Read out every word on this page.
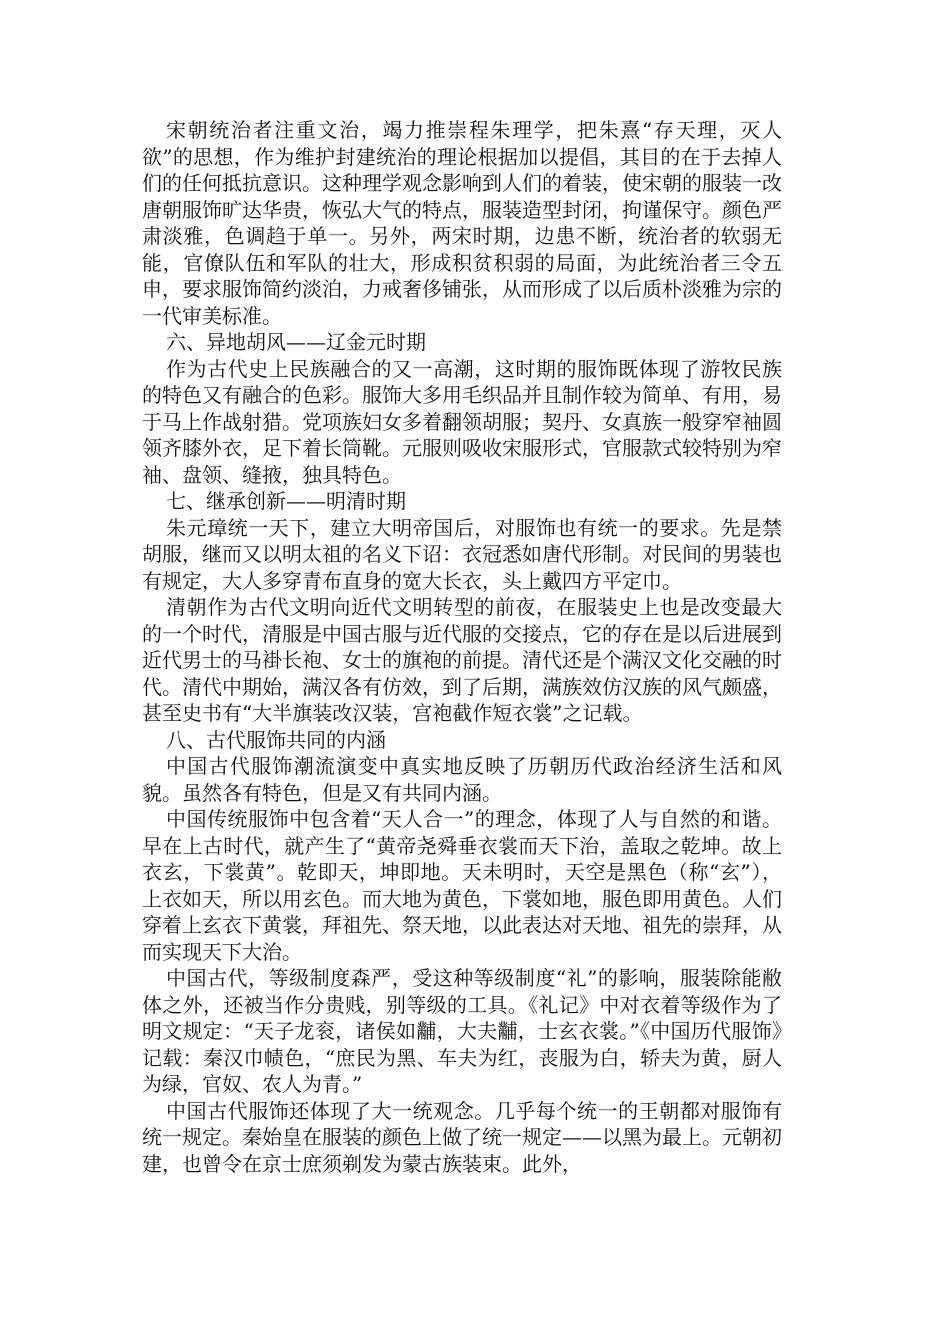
宋朝统治者注重文治，竭力推崇程朱理学，把朱熹“存天理，灭人欲”的思想，作为维护封建统治的理论根据加以提倡，其目的在于去掉人们的任何抵抗意识。这种理学观念影响到人们的着装，使宋朝的服装一改唐朝服饰旷达华贵，恢弘大气的特点，服装造型封闭，拘谨保守。颜色严肃淡雅，色调趋于单一。另外，两宋时期，边患不断，统治者的软弱无能，官僚队伍和军队的壮大，形成积贫积弱的局面，为此统治者三令五申，要求服饰简约淡泊，力戒奢侈铺张，从而形成了以后质朴淡雅为宗的一代审美标准。

六、异地胡风——辽金元时期

作为古代史上民族融合的又一高潮，这时期的服饰既体现了游牧民族的特色又有融合的色彩。服饰大多用毛织品并且制作较为简单、有用，易于马上作战射猎。党项族妇女多着翻领胡服；契丹、女真族一般穿窄袖圆领齐膝外衣，足下着长筒靴。元服则吸收宋服形式，官服款式较特别为窄袖、盘领、缝掖，独具特色。

七、继承创新——明清时期

朱元璋统一天下，建立大明帝国后，对服饰也有统一的要求。先是禁胡服，继而又以明太祖的名义下诏：衣冠悉如唐代形制。对民间的男装也有规定，大人多穿青布直身的宽大长衣，头上戴四方平定巾。

清朝作为古代文明向近代文明转型的前夜，在服装史上也是改变最大的一个时代，清服是中国古服与近代服的交接点，它的存在是以后进展到近代男士的马褂长袍、女士的旗袍的前提。清代还是个满汉文化交融的时代。清代中期始，满汉各有仿效，到了后期，满族效仿汉族的风气颇盛，甚至史书有“大半旗装改汉装，宫袍截作短衣裳”之记载。

八、古代服饰共同的内涵

中国古代服饰潮流演变中真实地反映了历朝历代政治经济生活和风貌。虽然各有特色，但是又有共同内涵。

中国传统服饰中包含着“天人合一”的理念，体现了人与自然的和谐。早在上古时代，就产生了“黄帝尧舜垂衣裳而天下治，盖取之乾坤。故上衣玄，下裳黄”。乾即天，坤即地。天未明时，天空是黑色（称“玄”），上衣如天，所以用玄色。而大地为黄色，下裳如地，服色即用黄色。人们穿着上玄衣下黄裳，拜祖先、祭天地，以此表达对天地、祖先的崇拜，从而实现天下大治。

中国古代，等级制度森严，受这种等级制度“礼”的影响，服装除能敝体之外，还被当作分贵贱，别等级的工具。《礼记》中对衣着等级作为了明文规定：“天子龙衮，诸侯如黼，大夫黼，士玄衣裳。”《中国历代服饰》记载：秦汉巾帻色，“庶民为黑、车夫为红，丧服为白，轿夫为黄，厨人为绿，官奴、农人为青。”

中国古代服饰还体现了大一统观念。几乎每个统一的王朝都对服饰有统一规定。秦始皇在服装的颜色上做了统一规定——以黑为最上。元朝初建，也曾令在京士庶须剃发为蒙古族装束。此外，
